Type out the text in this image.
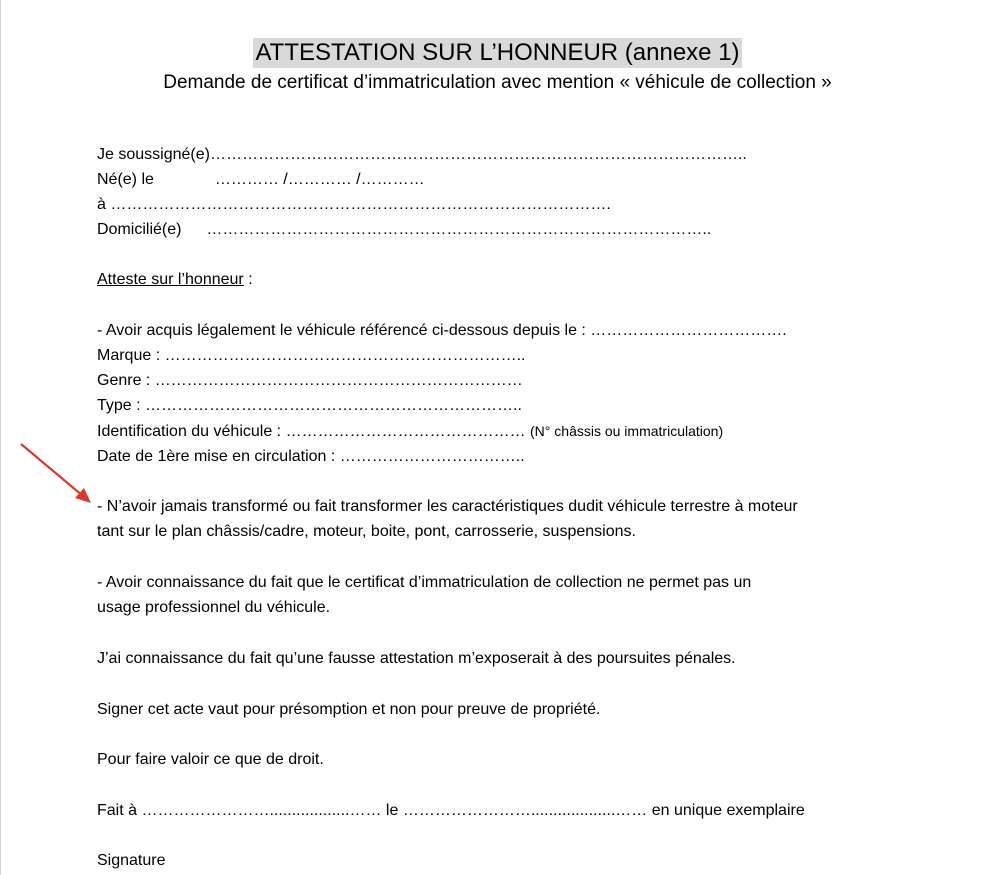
ATTESTATION SUR L’HONNEUR (annexe 1)
Demande de certificat d’immatriculation avec mention « véhicule de collection »
Je soussigné(e)………………………………………………………………………………………..
Né(e) le	………… /………… /…………
à ………………………………………………………………………………….
Domicilié(e) …………………………………………………………………………………..
Atteste sur l’honneur :
- Avoir acquis légalement le véhicule référencé ci-dessous depuis le : ……………………………….
Marque : …………………………………………………………..
Genre : ……………………………………………………………
Type : ……………………………………………………………..
Identification du véhicule : ……………………………………… (N° châssis ou immatriculation)
Date de 1ère mise en circulation : ……………………………..
- N’avoir jamais transformé ou fait transformer les caractéristiques dudit véhicule terrestre à moteur
tant sur le plan châssis/cadre, moteur, boite, pont, carrosserie, suspensions.
- Avoir connaissance du fait que le certificat d’immatriculation de collection ne permet pas un
usage professionnel du véhicule.
J’ai connaissance du fait qu’une fausse attestation m’exposerait à des poursuites pénales.
Signer cet acte vaut pour présomption et non pour preuve de propriété.
Pour faire valoir ce que de droit.
Fait à ……………………..................…… le ……………………...................…… en unique exemplaire
Signature
